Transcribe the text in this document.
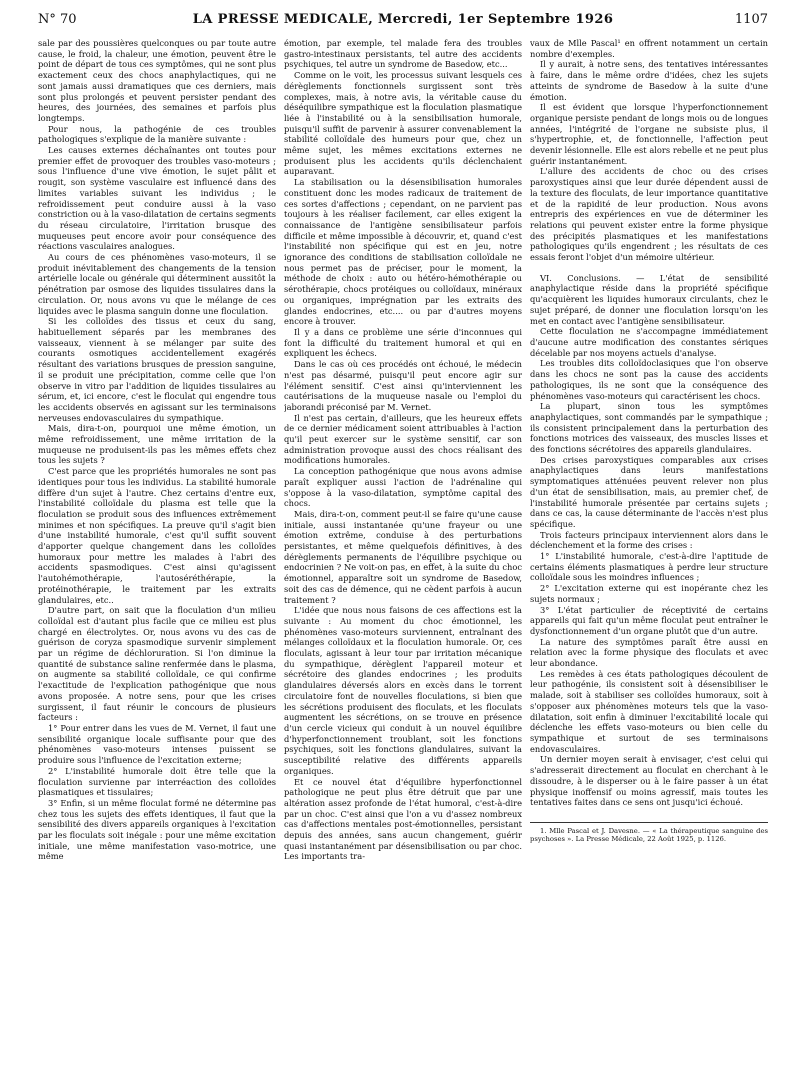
N° 70	LA PRESSE MEDICALE, Mercredi, 1er Septembre 1926	1107

sale par des poussières quelconques ou par toute autre cause, le froid, la chaleur, une émotion, peuvent être le point de départ de tous ces symptômes, qui ne sont plus exactement ceux des chocs anaphylactiques, qui ne sont jamais aussi dramatiques que ces derniers, mais sont plus prolongés et peuvent persister pendant des heures, des journées, des semaines et parfois plus longtemps.

Pour nous, la pathogénie de ces troubles pathologiques s'explique de la manière suivante :

Les causes externes déchaînantes ont toutes pour premier effet de provoquer des troubles vaso-moteurs ; sous l'influence d'une vive émotion, le sujet pâlit et rougit, son système vasculaire est influencé dans des limites variables suivant les individus ; le refroidissement peut conduire aussi à la vaso constriction ou à la vaso-dilatation de certains segments du réseau circulatoire, l'irritation brusque des muqueuses peut encore avoir pour conséquence des réactions vasculaires analogues.

Au cours de ces phénomènes vaso-moteurs, il se produit inévitablement des changements de la tension artérielle locale ou générale qui déterminent aussitôt la pénétration par osmose des liquides tissulaires dans la circulation. Or, nous avons vu que le mélange de ces liquides avec le plasma sanguin donne une floculation.

Si les colloïdes des tissus et ceux du sang, habituellement séparés par les membranes des vaisseaux, viennent à se mélanger par suite des courants osmotiques accidentellement exagérés résultant des variations brusques de pression sanguine, il se produit une précipitation, comme celle que l'on observe in vitro par l'addition de liquides tissulaires au sérum, et, ici encore, c'est le floculat qui engendre tous les accidents observés en agissant sur les terminaisons nerveuses endovasculaires du sympathique.

Mais, dira-t-on, pourquoi une même émotion, un même refroidissement, une même irritation de la muqueuse ne produisent-ils pas les mêmes effets chez tous les sujets ?

C'est parce que les propriétés humorales ne sont pas identiques pour tous les individus. La stabilité humorale diffère d'un sujet à l'autre. Chez certains d'entre eux, l'instabilité colloïdale du plasma est telle que la floculation se produit sous des influences extrêmement minimes et non spécifiques. La preuve qu'il s'agit bien d'une instabilité humorale, c'est qu'il suffit souvent d'apporter quelque changement dans les colloïdes humoraux pour mettre les malades à l'abri des accidents spasmodiques. C'est ainsi qu'agissent l'autohémothérapie, l'autoséréthérapie, la protéinothérapie, le traitement par les extraits glandulaires, etc..

D'autre part, on sait que la floculation d'un milieu colloïdal est d'autant plus facile que ce milieu est plus chargé en électrolytes. Or, nous avons vu des cas de guérison de coryza spasmodique survenir simplement par un régime de déchloruration. Si l'on diminue la quantité de substance saline renfermée dans le plasma, on augmente sa stabilité colloïdale, ce qui confirme l'exactitude de l'explication pathogénique que nous avons proposée. A notre sens, pour que les crises surgissent, il faut réunir le concours de plusieurs facteurs :

1° Pour entrer dans les vues de M. Vernet, il faut une sensibilité organique locale suffisante pour que des phénomènes vaso-moteurs intenses puissent se produire sous l'influence de l'excitation externe;

2° L'instabilité humorale doit être telle que la floculation survienne par interréaction des colloïdes plasmatiques et tissulaires;

3° Enfin, si un même floculat formé ne détermine pas chez tous les sujets des effets identiques, il faut que la sensibilité des divers appareils organiques à l'excitation par les floculats soit inégale : pour une même excitation initiale, une même manifestation vaso-motrice, une même

émotion, par exemple, tel malade fera des troubles gastro-intestinaux persistants, tel autre des accidents psychiques, tel autre un syndrome de Basedow, etc...

Comme on le voit, les processus suivant lesquels ces dérèglements fonctionnels surgissent sont très complexes, mais, à notre avis, la véritable cause du déséquilibre sympathique est la floculation plasmatique liée à l'instabilité ou à la sensibilisation humorale, puisqu'il suffit de parvenir à assurer convenablement la stabilité colloïdale des humeurs pour que, chez un même sujet, les mêmes excitations externes ne produisent plus les accidents qu'ils déclenchaient auparavant.

La stabilisation ou la désensibilisation humorales constituent donc les modes radicaux de traitement de ces sortes d'affections ; cependant, on ne parvient pas toujours à les réaliser facilement, car elles exigent la connaissance de l'antigène sensibilisateur parfois difficile et même impossible à découvrir, et, quand c'est l'instabilité non spécifique qui est en jeu, notre ignorance des conditions de stabilisation colloïdale ne nous permet pas de préciser, pour le moment, la méthode de choix : auto ou hétéro-hémothérapie ou sérothérapie, chocs protéiques ou colloïdaux, minéraux ou organiques, imprégnation par les extraits des glandes endocrines, etc.... ou par d'autres moyens encore à trouver.

Il y a dans ce problème une série d'inconnues qui font la difficulté du traitement humoral et qui en expliquent les échecs.

Dans le cas où ces procédés ont échoué, le médecin n'est pas désarmé, puisqu'il peut encore agir sur l'élément sensitif. C'est ainsi qu'interviennent les cautérisations de la muqueuse nasale ou l'emploi du jaborandi préconisé par M. Vernet.

Il n'est pas certain, d'ailleurs, que les heureux effets de ce dernier médicament soient attribuables à l'action qu'il peut exercer sur le système sensitif, car son administration provoque aussi des chocs réalisant des modifications humorales.

La conception pathogénique que nous avons admise paraît expliquer aussi l'action de l'adrénaline qui s'oppose à la vaso-dilatation, symptôme capital des chocs.

Mais, dira-t-on, comment peut-il se faire qu'une cause initiale, aussi instantanée qu'une frayeur ou une émotion extrême, conduise à des perturbations persistantes, et même quelquefois définitives, à des dérèglements permanents de l'équilibre psychique ou endocrinien ? Ne voit-on pas, en effet, à la suite du choc émotionnel, apparaître soit un syndrome de Basedow, soit des cas de démence, qui ne cèdent parfois à aucun traitement ?

L'idée que nous nous faisons de ces affections est la suivante : Au moment du choc émotionnel, les phénomènes vaso-moteurs surviennent, entraînant des mélanges colloïdaux et la floculation humorale. Or, ces floculats, agissant à leur tour par irritation mécanique du sympathique, dérèglent l'appareil moteur et sécrétoire des glandes endocrines ; les produits glandulaires déversés alors en excès dans le torrent circulatoire font de nouvelles floculations, si bien que les sécrétions produisent des floculats, et les floculats augmentent les sécrétions, on se trouve en présence d'un cercle vicieux qui conduit à un nouvel équilibre d'hyperfonctionnement troublant, soit les fonctions psychiques, soit les fonctions glandulaires, suivant la susceptibilité relative des différents appareils organiques.

Et ce nouvel état d'équilibre hyperfonctionnel pathologique ne peut plus être détruit que par une altération assez profonde de l'état humoral, c'est-à-dire par un choc. C'est ainsi que l'on a vu d'assez nombreux cas d'affections mentales post-émotionnelles, persistant depuis des années, sans aucun changement, guérir quasi instantanément par désensibilisation ou par choc. Les importants tra-

vaux de Mlle Pascal¹ en offrent notamment un certain nombre d'exemples.

Il y aurait, à notre sens, des tentatives intéressantes à faire, dans le même ordre d'idées, chez les sujets atteints de syndrome de Basedow à la suite d'une émotion.

Il est évident que lorsque l'hyperfonctionnement organique persiste pendant de longs mois ou de longues années, l'intégrité de l'organe ne subsiste plus, il s'hypertrophie, et, de fonctionnelle, l'affection peut devenir lésionnelle. Elle est alors rebelle et ne peut plus guérir instantanément.

L'allure des accidents de choc ou des crises paroxystiques ainsi que leur durée dépendent aussi de la texture des floculats, de leur importance quantitative et de la rapidité de leur production. Nous avons entrepris des expériences en vue de déterminer les relations qui peuvent exister entre la forme physique des précipités plasmatiques et les manifestations pathologiques qu'ils engendrent ; les résultats de ces essais feront l'objet d'un mémoire ultérieur.

VI. Conclusions. — L'état de sensibilité anaphylactique réside dans la propriété spécifique qu'acquièrent les liquides humoraux circulants, chez le sujet préparé, de donner une floculation lorsqu'on les met en contact avec l'antigène sensibilisateur.

Cette floculation ne s'accompagne immédiatement d'aucune autre modification des constantes sériques décelable par nos moyens actuels d'analyse.

Les troubles dits colloïdoclasiques que l'on observe dans les chocs ne sont pas la cause des accidents pathologiques, ils ne sont que la conséquence des phénomènes vaso-moteurs qui caractérisent les chocs.

La plupart, sinon tous les symptômes anaphylactiques, sont commandés par le sympathique ; ils consistent principalement dans la perturbation des fonctions motrices des vaisseaux, des muscles lisses et des fonctions sécrétoires des appareils glandulaires.

Des crises paroxystiques comparables aux crises anaphylactiques dans leurs manifestations symptomatiques atténuées peuvent relever non plus d'un état de sensibilisation, mais, au premier chef, de l'instabilité humorale présentée par certains sujets ; dans ce cas, la cause déterminante de l'accès n'est plus spécifique.

Trois facteurs principaux interviennent alors dans le déclenchement et la forme des crises :

1° L'instabilité humorale, c'est-à-dire l'aptitude de certains éléments plasmatiques à perdre leur structure colloïdale sous les moindres influences ;

2° L'excitation externe qui est inopérante chez les sujets normaux ;

3° L'état particulier de réceptivité de certains appareils qui fait qu'un même floculat peut entraîner le dysfonctionnement d'un organe plutôt que d'un autre.

La nature des symptômes paraît être aussi en relation avec la forme physique des floculats et avec leur abondance.

Les remèdes à ces états pathologiques découlent de leur pathogénie, ils consistent soit à désensibiliser le malade, soit à stabiliser ses colloïdes humoraux, soit à s'opposer aux phénomènes moteurs tels que la vaso-dilatation, soit enfin à diminuer l'excitabilité locale qui déclenche les effets vaso-moteurs ou bien celle du sympathique et surtout de ses terminaisons endovasculaires.

Un dernier moyen serait à envisager, c'est celui qui s'adresserait directement au floculat en cherchant à le dissoudre, à le disperser ou à le faire passer à un état physique inoffensif ou moins agressif, mais toutes les tentatives faites dans ce sens ont jusqu'ici échoué.

1. Mlle Pascal et J. Davesne. — « La thérapeutique sanguine des psychoses ». La Presse Médicale, 22 Août 1925, p. 1126.
